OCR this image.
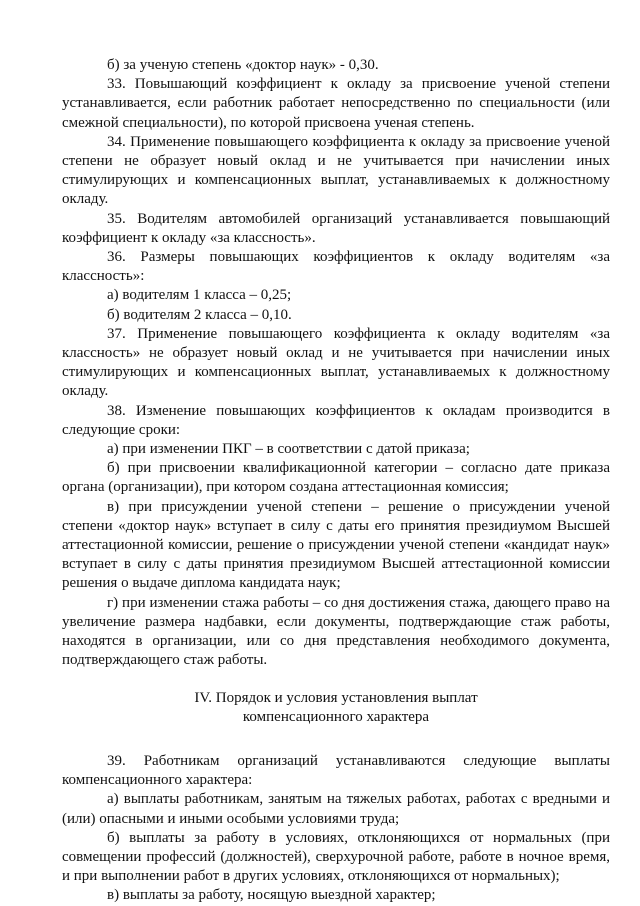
б) за ученую степень «доктор наук» - 0,30.

33. Повышающий коэффициент к окладу за присвоение ученой степени устанавливается, если работник работает непосредственно по специальности (или смежной специальности), по которой присвоена ученая степень.

34. Применение повышающего коэффициента к окладу за присвоение ученой степени не образует новый оклад и не учитывается при начислении иных стимулирующих и компенсационных выплат, устанавливаемых к должностному окладу.

35. Водителям автомобилей организаций устанавливается повышающий коэффициент к окладу «за классность».

36. Размеры повышающих коэффициентов к окладу водителям «за классность»:

а) водителям 1 класса – 0,25;

б) водителям 2 класса – 0,10.

37. Применение повышающего коэффициента к окладу водителям «за классность» не образует новый оклад и не учитывается при начислении иных стимулирующих и компенсационных выплат, устанавливаемых к должностному окладу.

38. Изменение повышающих коэффициентов к окладам производится в следующие сроки:

а) при изменении ПКГ – в соответствии с датой приказа;

б) при присвоении квалификационной категории – согласно дате приказа органа (организации), при котором создана аттестационная комиссия;

в) при присуждении ученой степени – решение о присуждении ученой степени «доктор наук» вступает в силу с даты его принятия президиумом Высшей аттестационной комиссии, решение о присуждении ученой степени «кандидат наук» вступает в силу с даты принятия президиумом Высшей аттестационной комиссии решения о выдаче диплома кандидата наук;

г) при изменении стажа работы – со дня достижения стажа, дающего право на увеличение размера надбавки, если документы, подтверждающие стаж работы, находятся в организации, или со дня представления необходимого документа, подтверждающего стаж работы.

IV. Порядок и условия установления выплат

компенсационного характера

39. Работникам организаций устанавливаются следующие выплаты компенсационного характера:

а) выплаты работникам, занятым на тяжелых работах, работах с вредными и (или) опасными и иными особыми условиями труда;

б) выплаты за работу в условиях, отклоняющихся от нормальных (при совмещении профессий (должностей), сверхурочной работе, работе в ночное время, и при выполнении работ в других условиях, отклоняющихся от нормальных);

в) выплаты за работу, носящую выездной характер;
